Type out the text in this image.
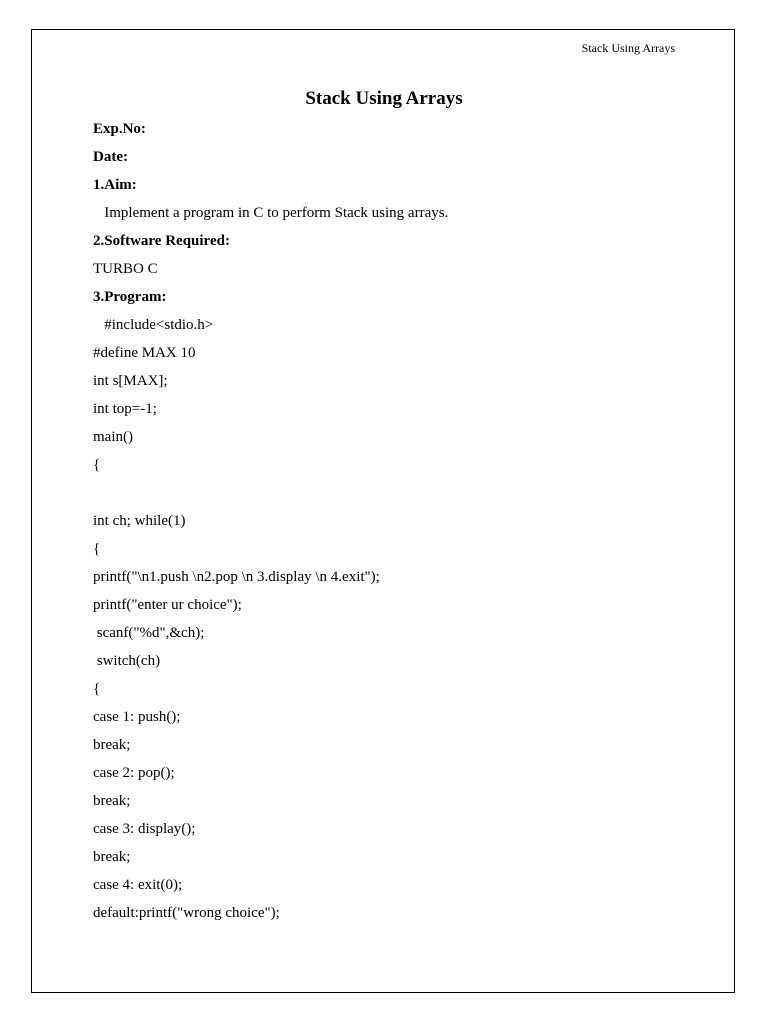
Stack Using Arrays
Stack Using Arrays
Exp.No:
Date:
1.Aim:
Implement a program in C to perform Stack using arrays.
2.Software Required:
TURBO C
3.Program:
#include<stdio.h>
#define MAX 10
int s[MAX];
int top=-1;
main()
{
int ch; while(1)
{
printf("\n1.push \n2.pop \n 3.display \n 4.exit");
printf("enter ur choice");
scanf("%d",&ch);
switch(ch)
{
case 1: push();
break;
case 2: pop();
break;
case 3: display();
break;
case 4: exit(0);
default:printf("wrong choice");
